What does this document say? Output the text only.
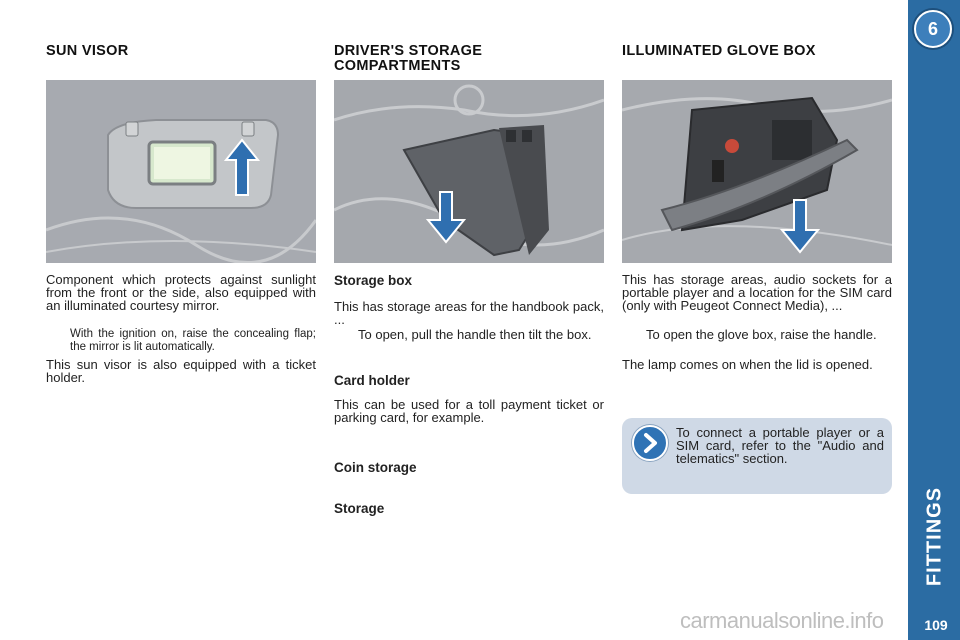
SUN VISOR
Component which protects against sunlight from the front or the side, also equipped with an illuminated courtesy mirror.
With the ignition on, raise the concealing flap; the mirror is lit automatically.
This sun visor is also equipped with a ticket holder.
DRIVER'S STORAGE
COMPARTMENTS
Storage box
This has storage areas for the handbook pack, ...
To open, pull the handle then tilt the box.
Card holder
This can be used for a toll payment ticket or parking card, for example.
Coin storage
Storage
ILLUMINATED GLOVE BOX
This has storage areas, audio sockets for a portable player and a location for the SIM card (only with Peugeot Connect Media), ...
To open the glove box, raise the handle.
The lamp comes on when the lid is opened.
To connect a portable player or a SIM card, refer to the "Audio and telematics" section.
6
FITTINGS
109
carmanualsonline.info
